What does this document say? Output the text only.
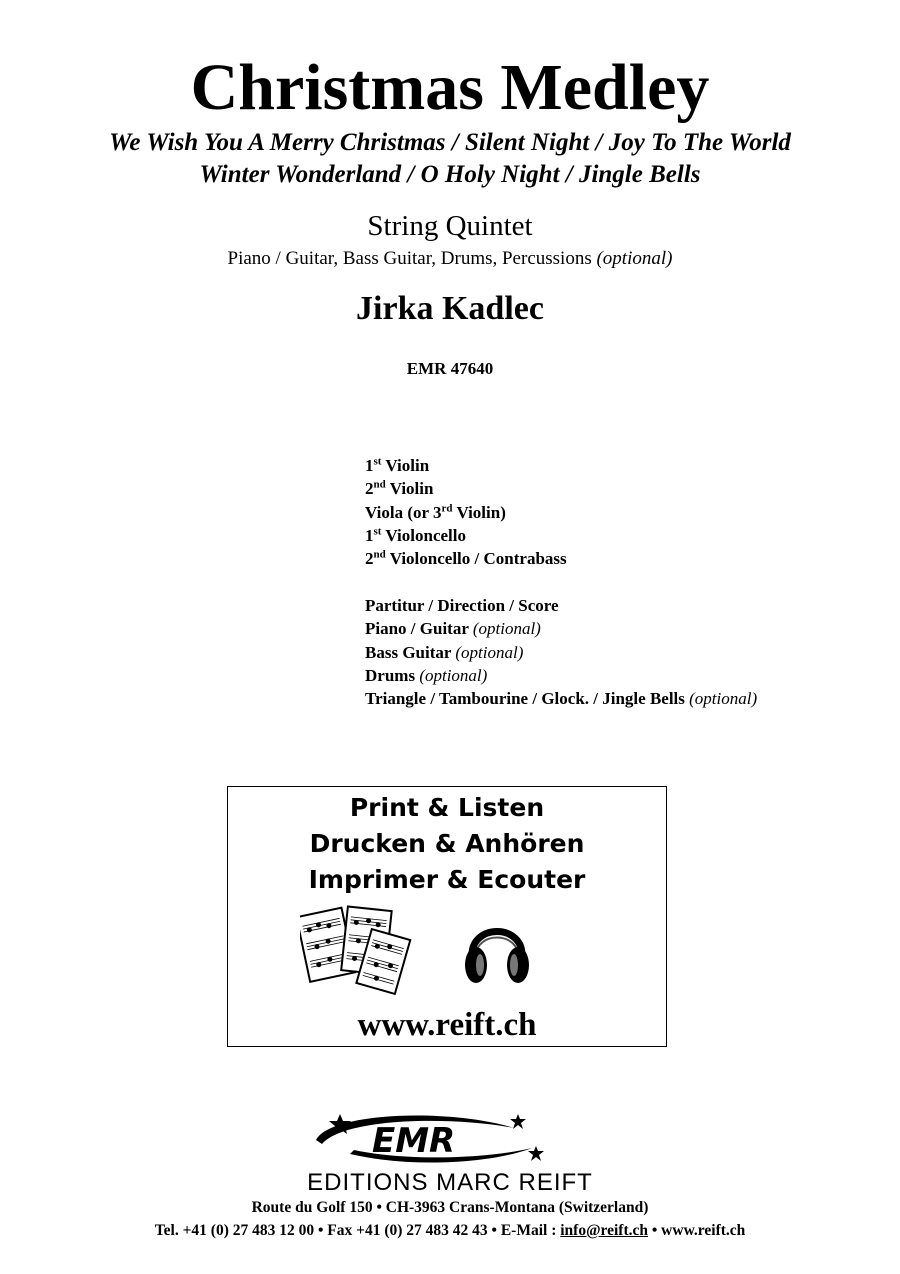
Christmas Medley
We Wish You A Merry Christmas / Silent Night / Joy To The World
Winter Wonderland / O Holy Night / Jingle Bells
String Quintet
Piano / Guitar, Bass Guitar, Drums, Percussions (optional)
Jirka Kadlec
EMR 47640
1st Violin
2nd Violin
Viola (or 3rd Violin)
1st Violoncello
2nd Violoncello / Contrabass
Partitur / Direction / Score
Piano / Guitar (optional)
Bass Guitar (optional)
Drums (optional)
Triangle / Tambourine / Glock. / Jingle Bells (optional)
Print & Listen
Drucken & Anhören
Imprimer & Ecouter
www.reift.ch
EMR
EDITIONS MARC REIFT
Route du Golf 150 • CH-3963 Crans-Montana (Switzerland)
Tel. +41 (0) 27 483 12 00 • Fax +41 (0) 27 483 42 43 • E-Mail : info@reift.ch • www.reift.ch
